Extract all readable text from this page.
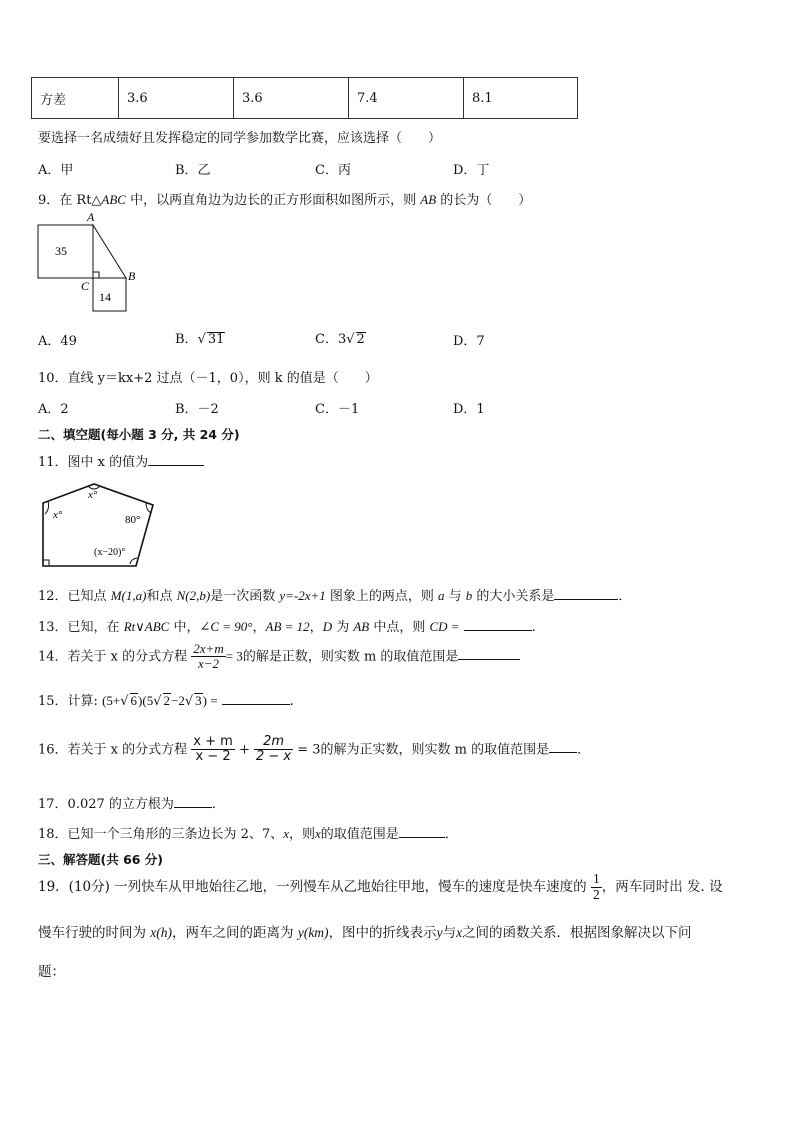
方差	3.6	3.6	7.4	8.1
要选择一名成绩好且发挥稳定的同学参加数学比赛，应该选择（　　）
A．甲	B．乙	C．丙	D．丁
9．在 Rt△ABC 中，以两直角边为边长的正方形面积如图所示，则 AB 的长为（　　）
35
14
A
B
C
A．49	B．√ 31	C．3√ 2	D．7
10．直线 y＝kx+2 过点（－1，0），则 k 的值是（　　）
A．2	B．－2	C．－1	D．1
二、填空题(每小题 3 分, 共 24 分)
11．图中 x 的值为
x°
x°	80°
(x−20)°
12．已知点 M(1,a)和点 N(2,b)是一次函数 y=-2x+1 图象上的两点，则 a 与 b 的大小关系是	．
13．已知，在 Rt∨ABC 中，∠C = 90°，AB = 12，D 为 AB 中点，则 CD =	.
14．若关于 x 的分式方程 $\frac{2x+m}{x-2} = 3$的解是正数，则实数 m 的取值范围是
15．计算: (5+√ 6)(5√ 2−2√ 3) =	.
16．若关于 x 的分式方程 $\frac{x + m}{x - 2} + \frac{2m}{2 - x} = 3$的解为正实数，则实数 m 的取值范围是 ．
17．0.027 的立方根为	．
18．已知一个三角形的三条边长为 2、7、x，则x的取值范围是	．
三、解答题(共 66 分)
19．(10分) 一列快车从甲地始往乙地，一列慢车从乙地始往甲地，慢车的速度是快车速度的 $\frac{1}{2}$ ，两车同时出 发. 设
慢车行驶的时间为 x(h)，两车之间的距离为 y(km)，图中的折线表示y与x之间的函数关系．根据图象解决以下问
题：
